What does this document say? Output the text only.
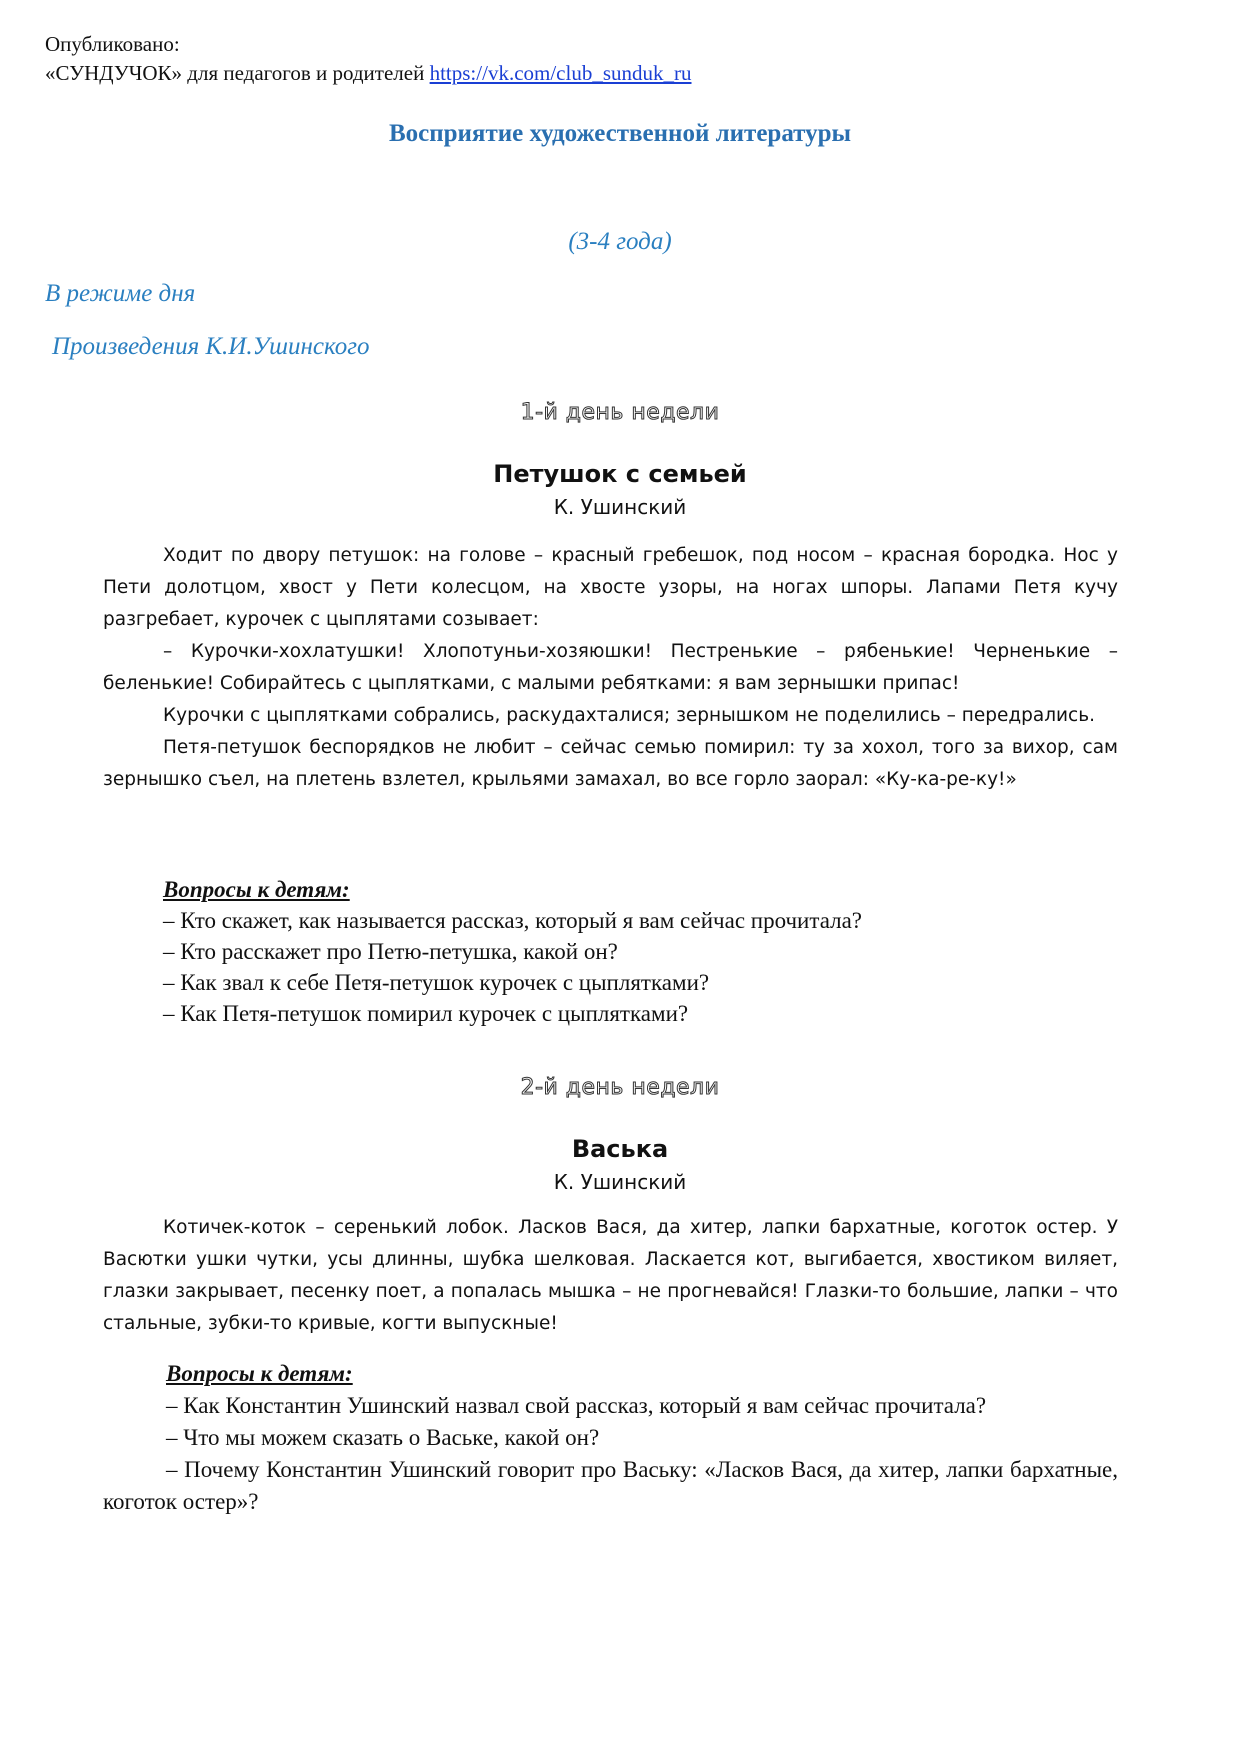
Опубликовано:
«СУНДУЧОК» для педагогов и родителей https://vk.com/club_sunduk_ru
Восприятие художественной литературы
(3-4 года)
В режиме дня
Произведения К.И.Ушинского
1-й день недели
Петушок с семьей
К. Ушинский

Ходит по двору петушок: на голове – красный гребешок, под носом – красная бородка. Нос у Пети долотцом, хвост у Пети колесцом, на хвосте узоры, на ногах шпоры. Лапами Петя кучу разгребает, курочек с цыплятами созывает:

– Курочки-хохлатушки! Хлопотуньи-хозяюшки! Пестренькие – рябенькие! Черненькие – беленькие! Собирайтесь с цыплятками, с малыми ребятками: я вам зернышки припас!

Курочки с цыплятками собрались, раскудахталися; зернышком не поделились – передрались.

Петя-петушок беспорядков не любит – сейчас семью помирил: ту за хохол, того за вихор, сам зернышко съел, на плетень взлетел, крыльями замахал, во все горло заорал: «Ку-ка-ре-ку!»

Вопросы к детям:
– Кто скажет, как называется рассказ, который я вам сейчас прочитала?
– Кто расскажет про Петю-петушка, какой он?
– Как звал к себе Петя-петушок курочек с цыплятками?
– Как Петя-петушок помирил курочек с цыплятками?
2-й день недели
Васька
К. Ушинский

Котичек-коток – серенький лобок. Ласков Вася, да хитер, лапки бархатные, коготок остер. У Васютки ушки чутки, усы длинны, шубка шелковая. Ласкается кот, выгибается, хвостиком виляет, глазки закрывает, песенку поет, а попалась мышка – не прогневайся! Глазки-то большие, лапки – что стальные, зубки-то кривые, когти выпускные!

Вопросы к детям:

– Как Константин Ушинский назвал свой рассказ, который я вам сейчас прочитала?

– Что мы можем сказать о Ваське, какой он?

– Почему Константин Ушинский говорит про Ваську: «Ласков Вася, да хитер, лапки бархатные, коготок остер»?
